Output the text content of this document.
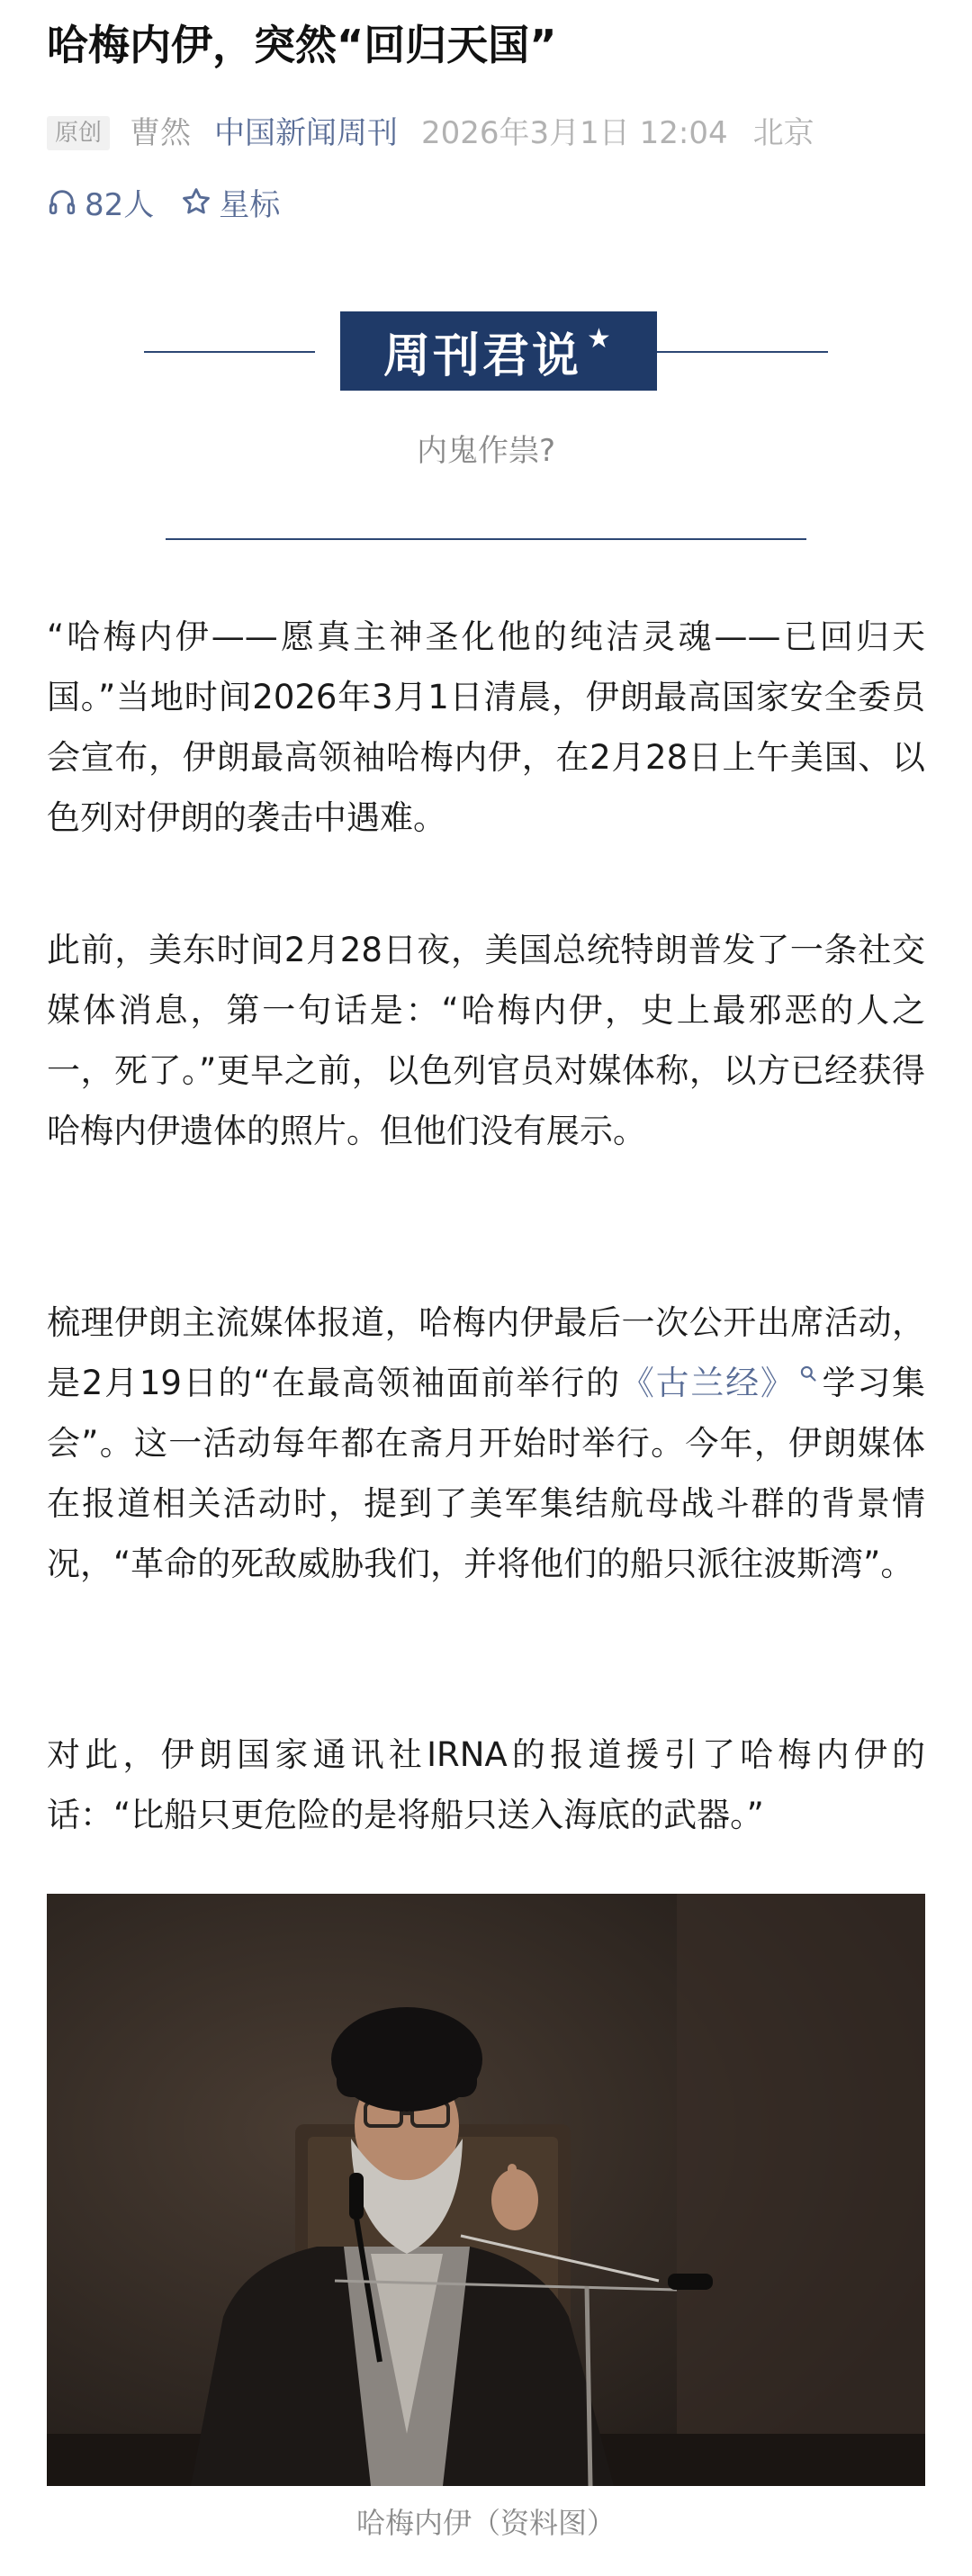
哈梅内伊，突然“回归天国”
原创 曹然 中国新闻周刊 2026年3月1日 12:04 北京
82人 星标
周刊君说 ★
内鬼作祟?

“哈梅内伊——愿真主神圣化他的纯洁灵魂——已回归天国。”当地时间2026年3月1日清晨，伊朗最高国家安全委员会宣布，伊朗最高领袖哈梅内伊，在2月28日上午美国、以色列对伊朗的袭击中遇难。

此前，美东时间2月28日夜，美国总统特朗普发了一条社交媒体消息，第一句话是：“哈梅内伊，史上最邪恶的人之一，死了。”更早之前，以色列官员对媒体称，以方已经获得哈梅内伊遗体的照片。但他们没有展示。

梳理伊朗主流媒体报道，哈梅内伊最后一次公开出席活动，是2月19日的“在最高领袖面前举行的《古兰经》 学习集会”。这一活动每年都在斋月开始时举行。今年，伊朗媒体在报道相关活动时，提到了美军集结航母战斗群的背景情况，“革命的死敌威胁我们，并将他们的船只派往波斯湾”。

对此，伊朗国家通讯社IRNA的报道援引了哈梅内伊的话：“比船只更危险的是将船只送入海底的武器。”

哈梅内伊（资料图）
